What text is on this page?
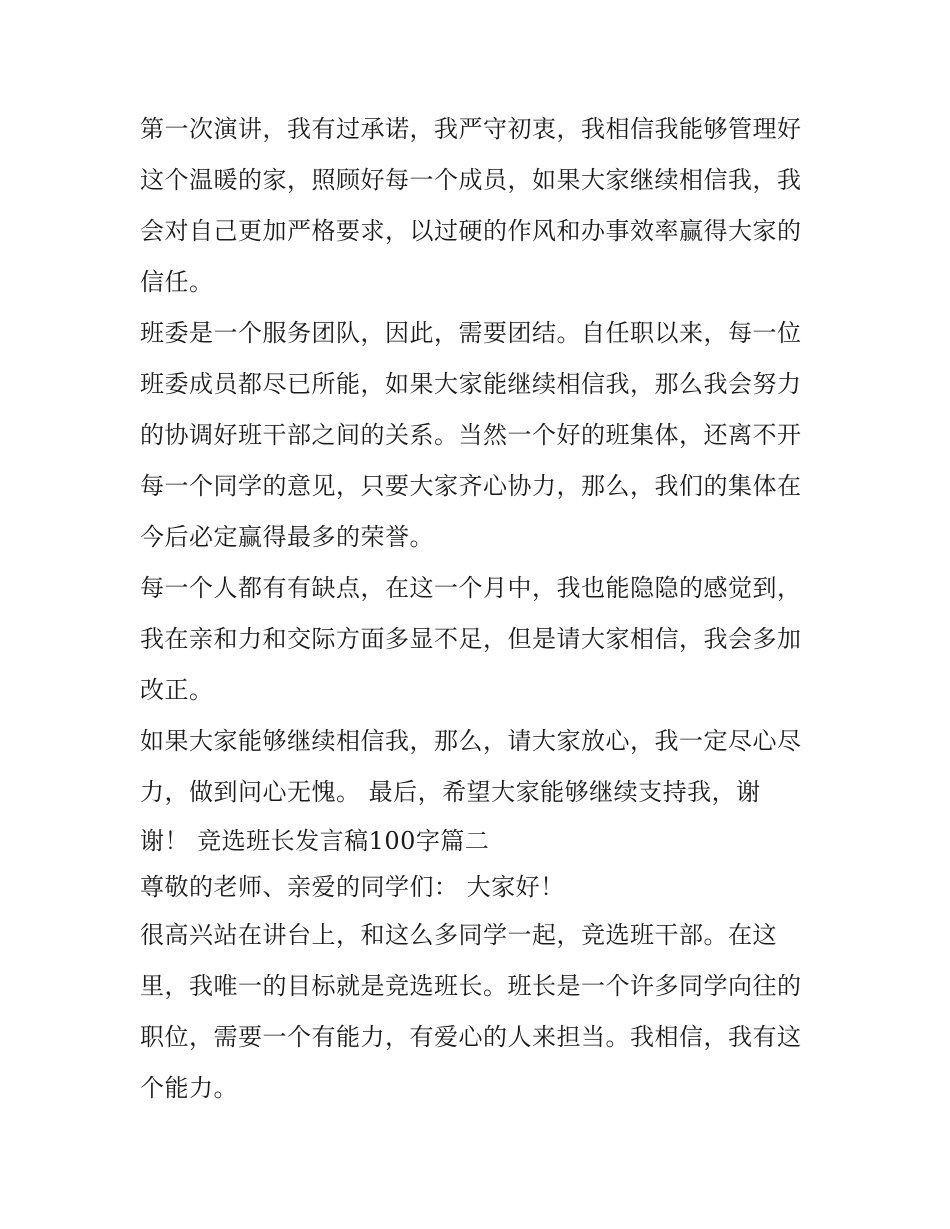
第一次演讲，我有过承诺，我严守初衷，我相信我能够管理好
这个温暖的家，照顾好每一个成员，如果大家继续相信我，我
会对自己更加严格要求，以过硬的作风和办事效率赢得大家的
信任。
班委是一个服务团队，因此，需要团结。自任职以来，每一位
班委成员都尽已所能，如果大家能继续相信我，那么我会努力
的协调好班干部之间的关系。当然一个好的班集体，还离不开
每一个同学的意见，只要大家齐心协力，那么，我们的集体在
今后必定赢得最多的荣誉。
每一个人都有有缺点，在这一个月中，我也能隐隐的感觉到，
我在亲和力和交际方面多显不足，但是请大家相信，我会多加
改正。
如果大家能够继续相信我，那么，请大家放心，我一定尽心尽
力，做到问心无愧。 最后，希望大家能够继续支持我，谢
谢！ 竞选班长发言稿100字篇二
尊敬的老师、亲爱的同学们： 大家好！
很高兴站在讲台上，和这么多同学一起，竞选班干部。在这
里，我唯一的目标就是竞选班长。班长是一个许多同学向往的
职位，需要一个有能力，有爱心的人来担当。我相信，我有这
个能力。
